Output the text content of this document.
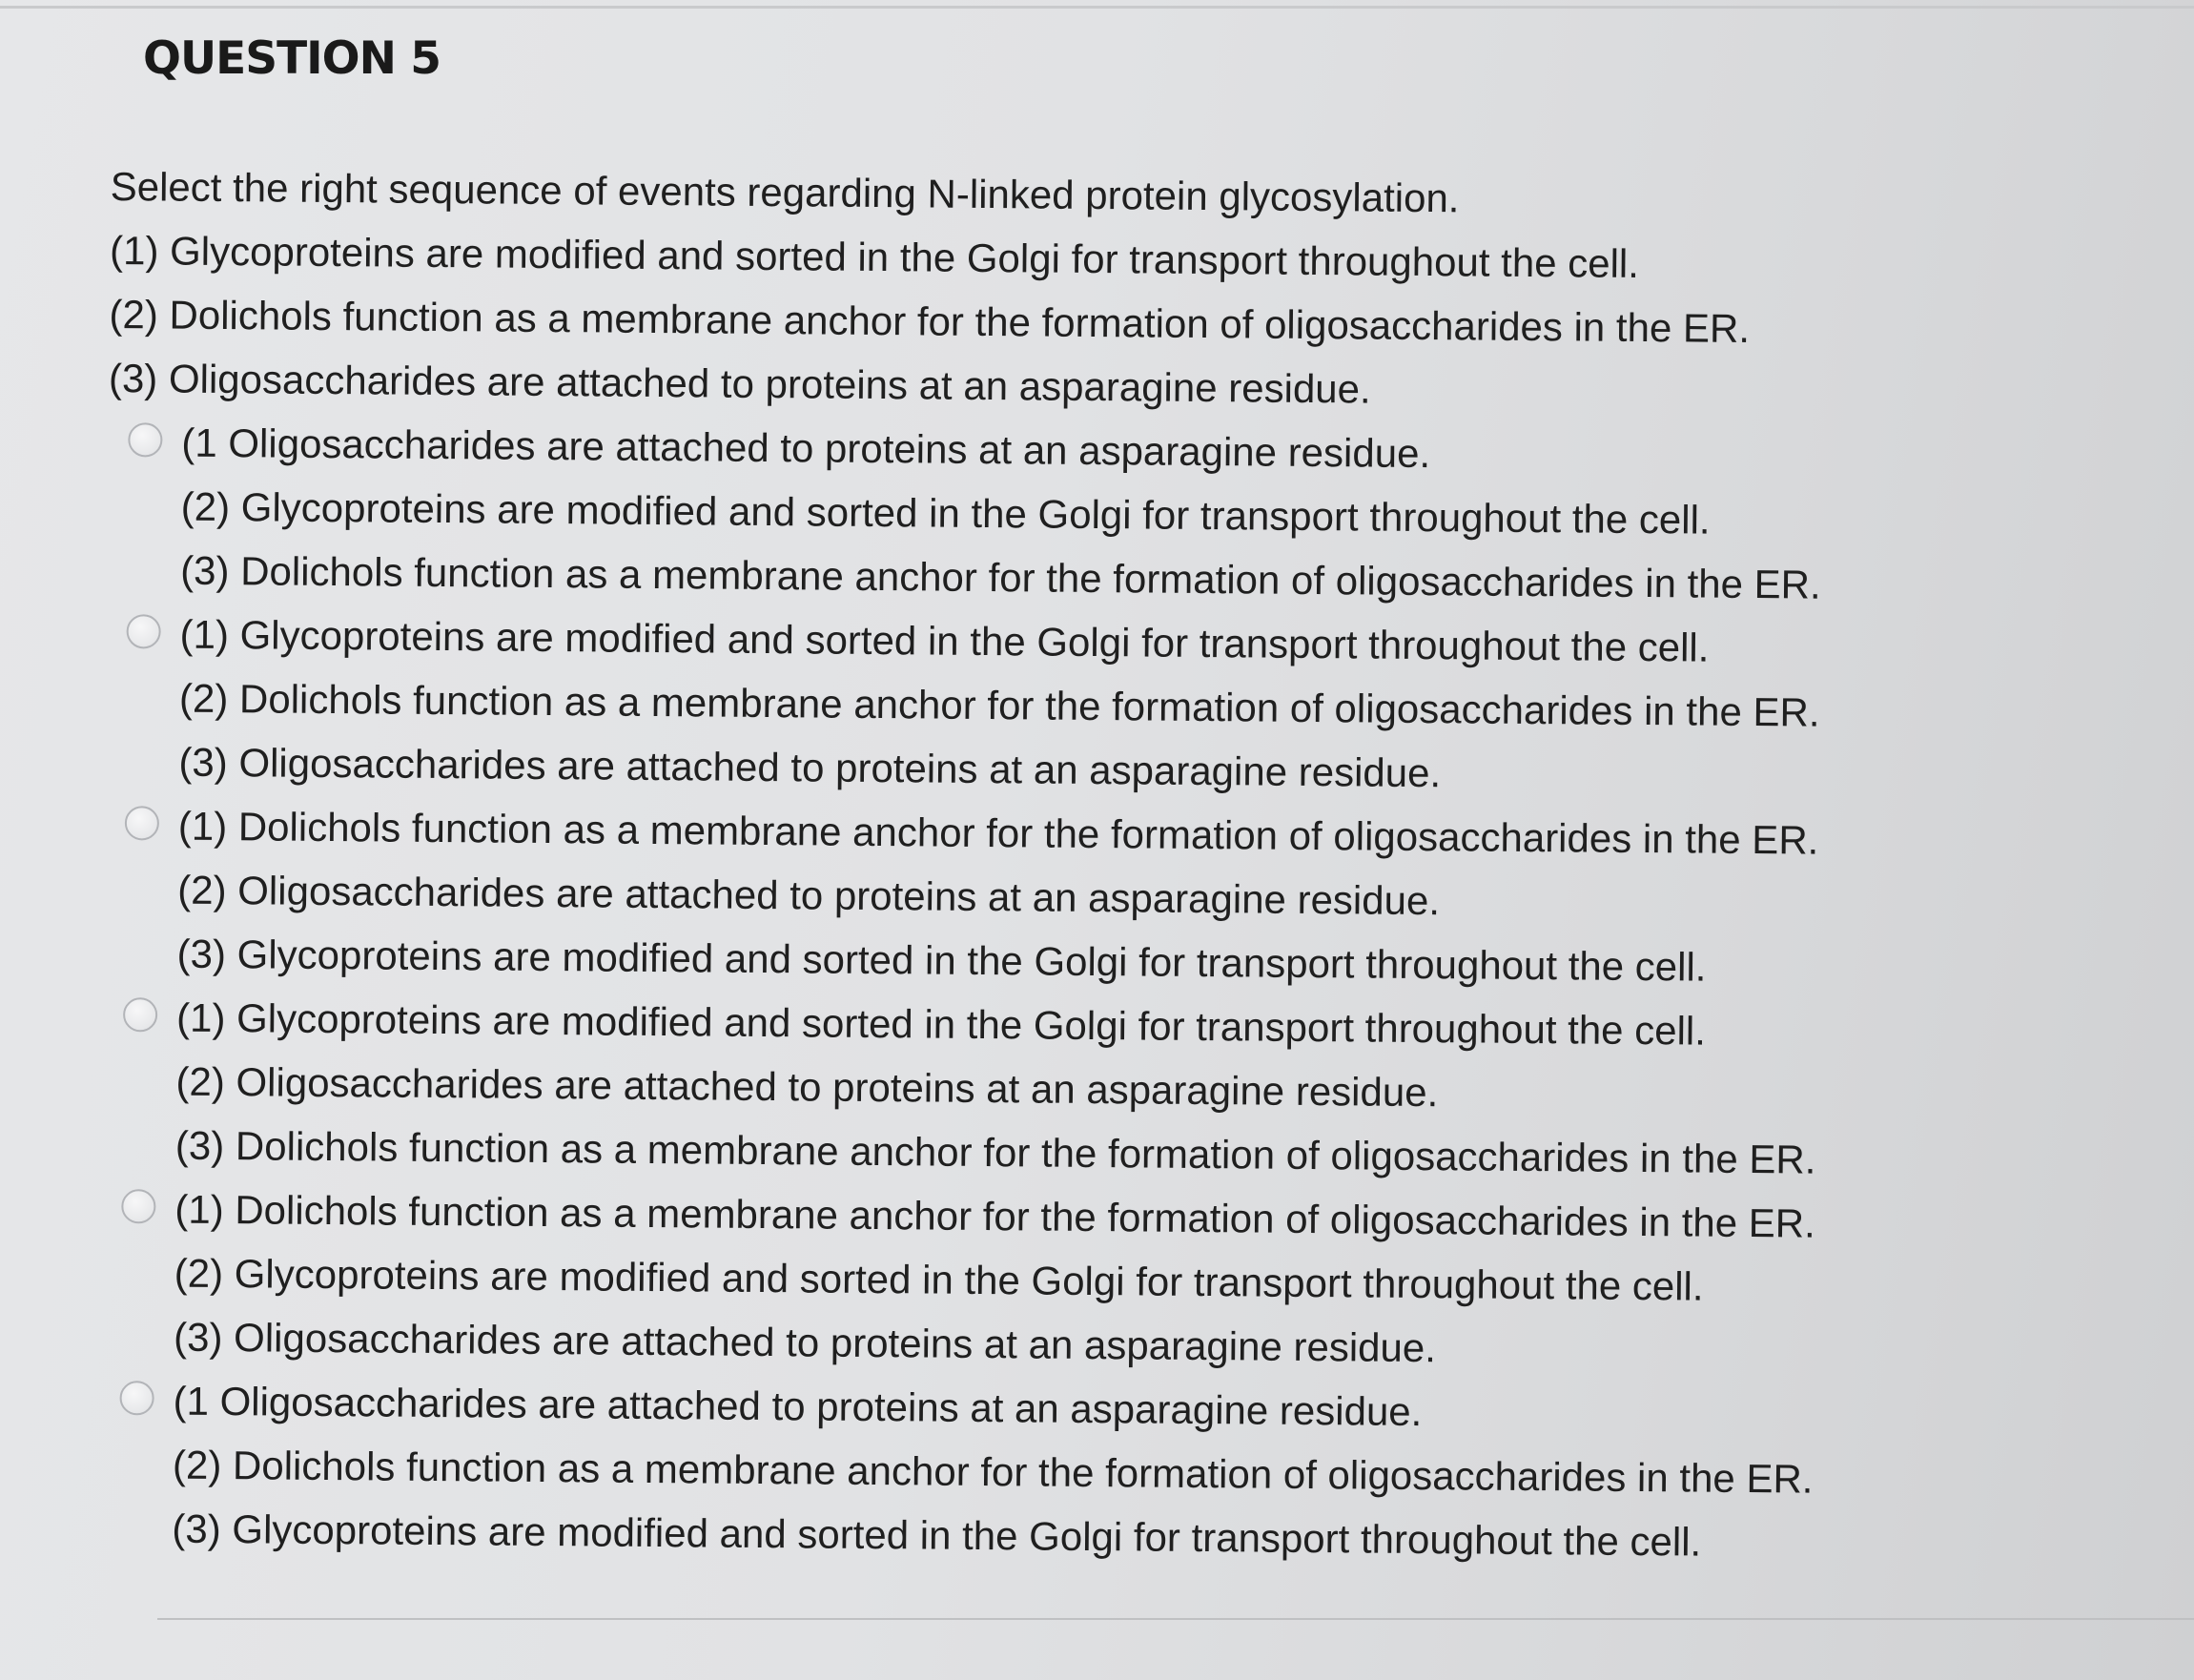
QUESTION 5
Select the right sequence of events regarding N-linked protein glycosylation.
(1) Glycoproteins are modified and sorted in the Golgi for transport throughout the cell.
(2) Dolichols function as a membrane anchor for the formation of oligosaccharides in the ER.
(3) Oligosaccharides are attached to proteins at an asparagine residue.
(1 Oligosaccharides are attached to proteins at an asparagine residue.
(2) Glycoproteins are modified and sorted in the Golgi for transport throughout the cell.
(3) Dolichols function as a membrane anchor for the formation of oligosaccharides in the ER.
(1) Glycoproteins are modified and sorted in the Golgi for transport throughout the cell.
(2) Dolichols function as a membrane anchor for the formation of oligosaccharides in the ER.
(3) Oligosaccharides are attached to proteins at an asparagine residue.
(1) Dolichols function as a membrane anchor for the formation of oligosaccharides in the ER.
(2) Oligosaccharides are attached to proteins at an asparagine residue.
(3) Glycoproteins are modified and sorted in the Golgi for transport throughout the cell.
(1) Glycoproteins are modified and sorted in the Golgi for transport throughout the cell.
(2) Oligosaccharides are attached to proteins at an asparagine residue.
(3) Dolichols function as a membrane anchor for the formation of oligosaccharides in the ER.
(1) Dolichols function as a membrane anchor for the formation of oligosaccharides in the ER.
(2) Glycoproteins are modified and sorted in the Golgi for transport throughout the cell.
(3) Oligosaccharides are attached to proteins at an asparagine residue.
(1 Oligosaccharides are attached to proteins at an asparagine residue.
(2) Dolichols function as a membrane anchor for the formation of oligosaccharides in the ER.
(3) Glycoproteins are modified and sorted in the Golgi for transport throughout the cell.
